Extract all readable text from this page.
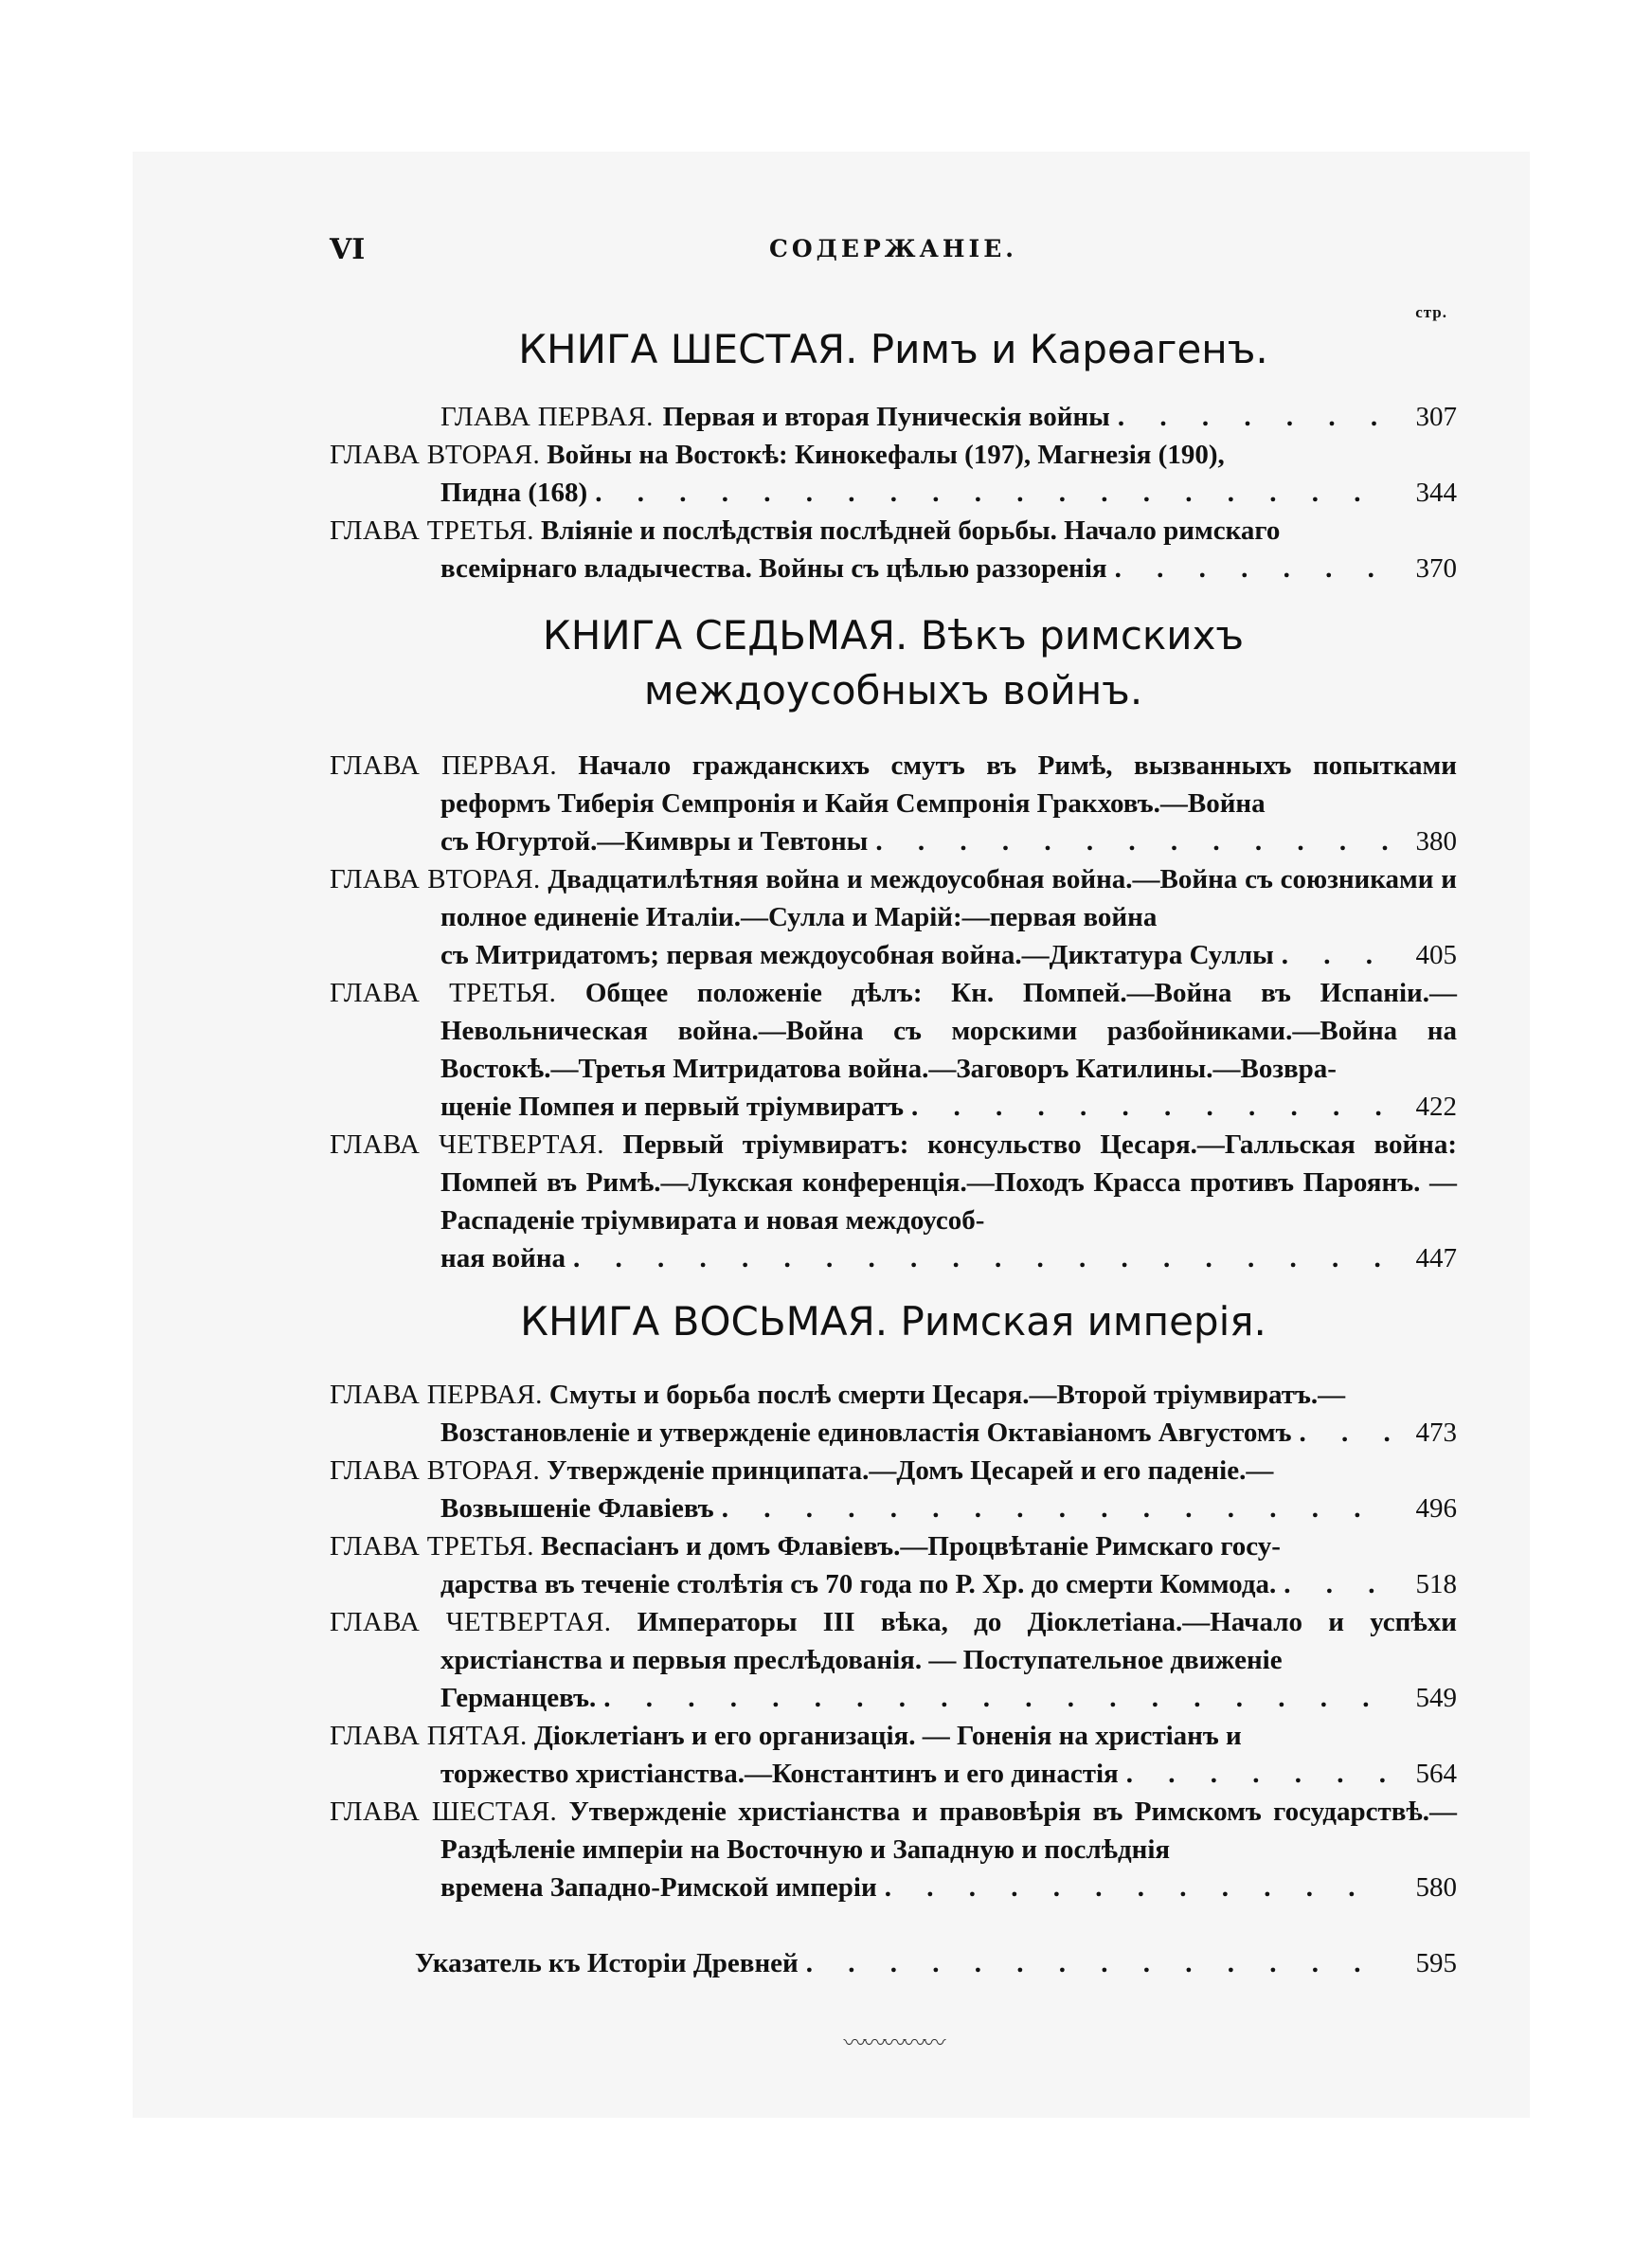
VI	СОДЕРЖАНІЕ.
стр.
КНИГА ШЕСТАЯ. Римъ и Карѳагенъ.
ГЛАВА ПЕРВАЯ. Первая и вторая Пуническія войны . . .	307
ГЛАВА ВТОРАЯ. Войны на Востокѣ: Кинокефалы (197), Магнезія (190),
Пидна (168) . . .	344
ГЛАВА ТРЕТЬЯ. Вліяніе и послѣдствія послѣдней борьбы. Начало римскаго
всемірнаго владычества. Войны съ цѣлью раззоренія . . .	370
КНИГА СЕДЬМАЯ. Вѣкъ римскихъ междоусобныхъ войнъ.
ГЛАВА ПЕРВАЯ. Начало гражданскихъ смутъ въ Римѣ, вызванныхъ попытками реформъ Тиберія Семпронія и Кайя Семпронія Гракховъ.—Война
съ Югуртой.—Кимвры и Тевтоны . . .	380
ГЛАВА ВТОРАЯ. Двадцатилѣтняя война и междоусобная война.—Война съ союзниками и полное единеніе Италіи.—Сулла и Марій:—первая война
съ Митридатомъ; первая междоусобная война.—Диктатура Суллы . . .	405
ГЛАВА ТРЕТЬЯ. Общее положеніе дѣлъ: Кн. Помпей.—Война въ Испаніи.— Невольническая война.—Война съ морскими разбойниками.—Война на Востокѣ.—Третья Митридатова война.—Заговоръ Катилины.—Возвра-
щеніе Помпея и первый тріумвиратъ . . .	422
ГЛАВА ЧЕТВЕРТАЯ. Первый тріумвиратъ: консульство Цесаря.—Галльская война: Помпей въ Римѣ.—Лукская конференція.—Походъ Красса противъ Пароянъ. — Распаденіе тріумвирата и новая междоусоб-
ная война . . .	447
КНИГА ВОСЬМАЯ. Римская имперія.
ГЛАВА ПЕРВАЯ. Смуты и борьба послѣ смерти Цесаря.—Второй тріумвиратъ.—
Возстановленіе и утвержденіе единовластія Октавіаномъ Августомъ . . .	473
ГЛАВА ВТОРАЯ. Утвержденіе принципата.—Домъ Цесарей и его паденіе.—
Возвышеніе Флавіевъ . . .	496
ГЛАВА ТРЕТЬЯ. Веспасіанъ и домъ Флавіевъ.—Процвѣтаніе Римскаго госу-
дарства въ теченіе столѣтія съ 70 года по Р. Хр. до смерти Коммода. . . .	518
ГЛАВА ЧЕТВЕРТАЯ. Императоры III вѣка, до Діоклетіана.—Начало и успѣхи христіанства и первыя преслѣдованія. — Поступательное движеніе
Германцевъ. . . .	549
ГЛАВА ПЯТАЯ. Діоклетіанъ и его организація. — Гоненія на христіанъ и
торжество христіанства.—Константинъ и его династія . . .	564
ГЛАВА ШЕСТАЯ. Утвержденіе христіанства и правовѣрія въ Римскомъ государствѣ.—Раздѣленіе имперіи на Восточную и Западную и послѣднія
времена Западно-Римской имперіи . . .	580
Указатель къ Исторіи Древней . . .	595
〰〰〰〰〰
